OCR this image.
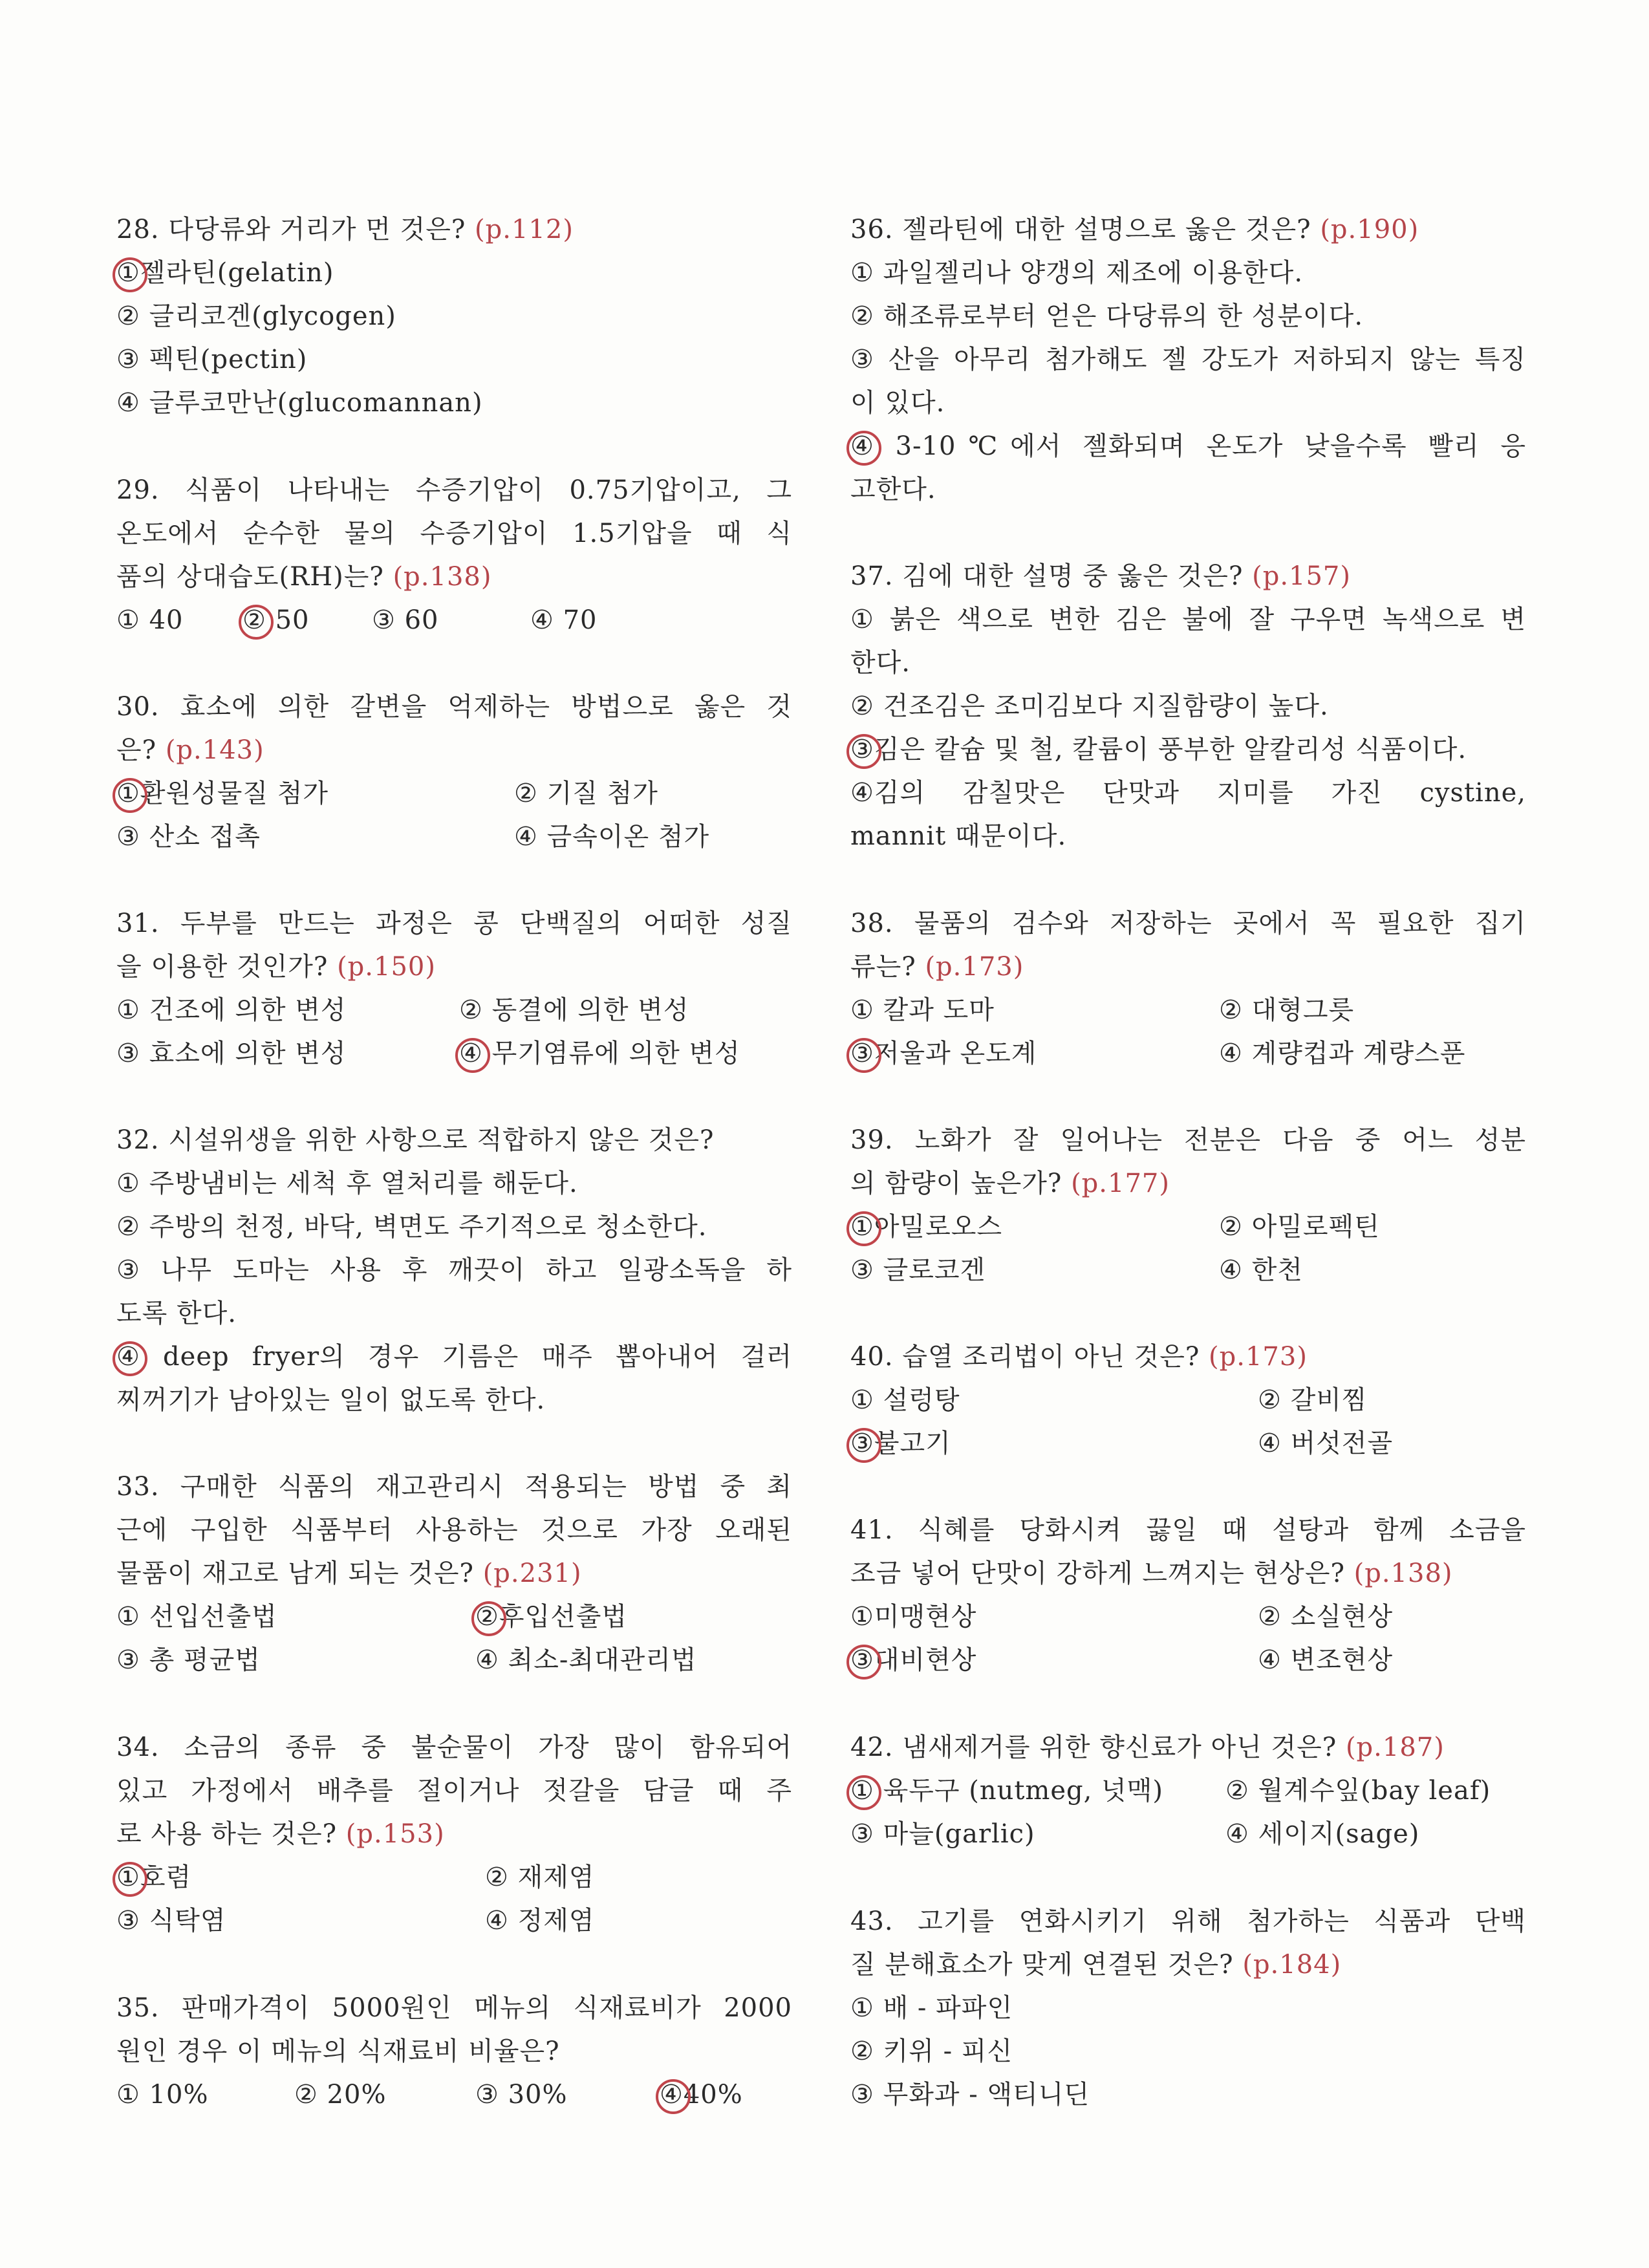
28. 다당류와 거리가 먼 것은? (p.112)
①젤라틴(gelatin)
② 글리코겐(glycogen)
③ 펙틴(pectin)
④ 글루코만난(glucomannan)
29. 식품이 나타내는 수증기압이 0.75기압이고, 그
온도에서 순수한 물의 수증기압이 1.5기압을 때 식
품의 상대습도(RH)는? (p.138)
① 40 ② 50 ③ 60	④ 70
30. 효소에 의한 갈변을 억제하는 방법으로 옳은 것
은? (p.143)
①환원성물질 첨가	② 기질 첨가
③ 산소 접촉	④ 금속이온 첨가
31. 두부를 만드는 과정은 콩 단백질의 어떠한 성질
을 이용한 것인가? (p.150)
① 건조에 의한 변성	② 동결에 의한 변성
③ 효소에 의한 변성	④ 무기염류에 의한 변성
32. 시설위생을 위한 사항으로 적합하지 않은 것은?
① 주방냄비는 세척 후 열처리를 해둔다.
② 주방의 천정, 바닥, 벽면도 주기적으로 청소한다.
③ 나무 도마는 사용 후 깨끗이 하고 일광소독을 하
도록 한다.
④ deep fryer의 경우 기름은 매주 뽑아내어 걸러
찌꺼기가 남아있는 일이 없도록 한다.
33. 구매한 식품의 재고관리시 적용되는 방법 중 최
근에 구입한 식품부터 사용하는 것으로 가장 오래된
물품이 재고로 남게 되는 것은? (p.231)
① 선입선출법	②후입선출법
③ 총 평균법	④ 최소-최대관리법
34. 소금의 종류 중 불순물이 가장 많이 함유되어
있고 가정에서 배추를 절이거나 젓갈을 담글 때 주
로 사용 하는 것은? (p.153)
①호렴	② 재제염
③ 식탁염	④ 정제염
35. 판매가격이 5000원인 메뉴의 식재료비가 2000
원인 경우 이 메뉴의 식재료비 비율은?
① 10%	② 20%	③ 30%	④40%
36. 젤라틴에 대한 설명으로 옳은 것은? (p.190)
① 과일젤리나 양갱의 제조에 이용한다.
② 해조류로부터 얻은 다당류의 한 성분이다.
③ 산을 아무리 첨가해도 젤 강도가 저하되지 않는 특징
이 있다.
④ 3-10℃에서 젤화되며 온도가 낮을수록 빨리 응
고한다.
37. 김에 대한 설명 중 옳은 것은? (p.157)
① 붉은 색으로 변한 김은 불에 잘 구우면 녹색으로 변
한다.
② 건조김은 조미김보다 지질함량이 높다.
③김은 칼슘 및 철, 칼륨이 풍부한 알칼리성 식품이다.
④김의 감칠맛은 단맛과 지미를 가진 cystine,
mannit 때문이다.
38. 물품의 검수와 저장하는 곳에서 꼭 필요한 집기
류는? (p.173)
① 칼과 도마	② 대형그릇
③저울과 온도계	④ 계량컵과 계량스푼
39. 노화가 잘 일어나는 전분은 다음 중 어느 성분
의 함량이 높은가? (p.177)
①아밀로오스	② 아밀로펙틴
③ 글로코겐	④ 한천
40. 습열 조리법이 아닌 것은? (p.173)
① 설렁탕	② 갈비찜
③불고기	④ 버섯전골
41. 식혜를 당화시켜 끓일 때 설탕과 함께 소금을
조금 넣어 단맛이 강하게 느껴지는 현상은? (p.138)
①미맹현상	② 소실현상
③대비현상	④ 변조현상
42. 냄새제거를 위한 향신료가 아닌 것은? (p.187)
① 육두구 (nutmeg, 넛맥) ② 월계수잎(bay leaf)
③ 마늘(garlic)	④ 세이지(sage)
43. 고기를 연화시키기 위해 첨가하는 식품과 단백
질 분해효소가 맞게 연결된 것은? (p.184)
① 배 - 파파인
② 키위 - 피신
③ 무화과 - 액티니딘
